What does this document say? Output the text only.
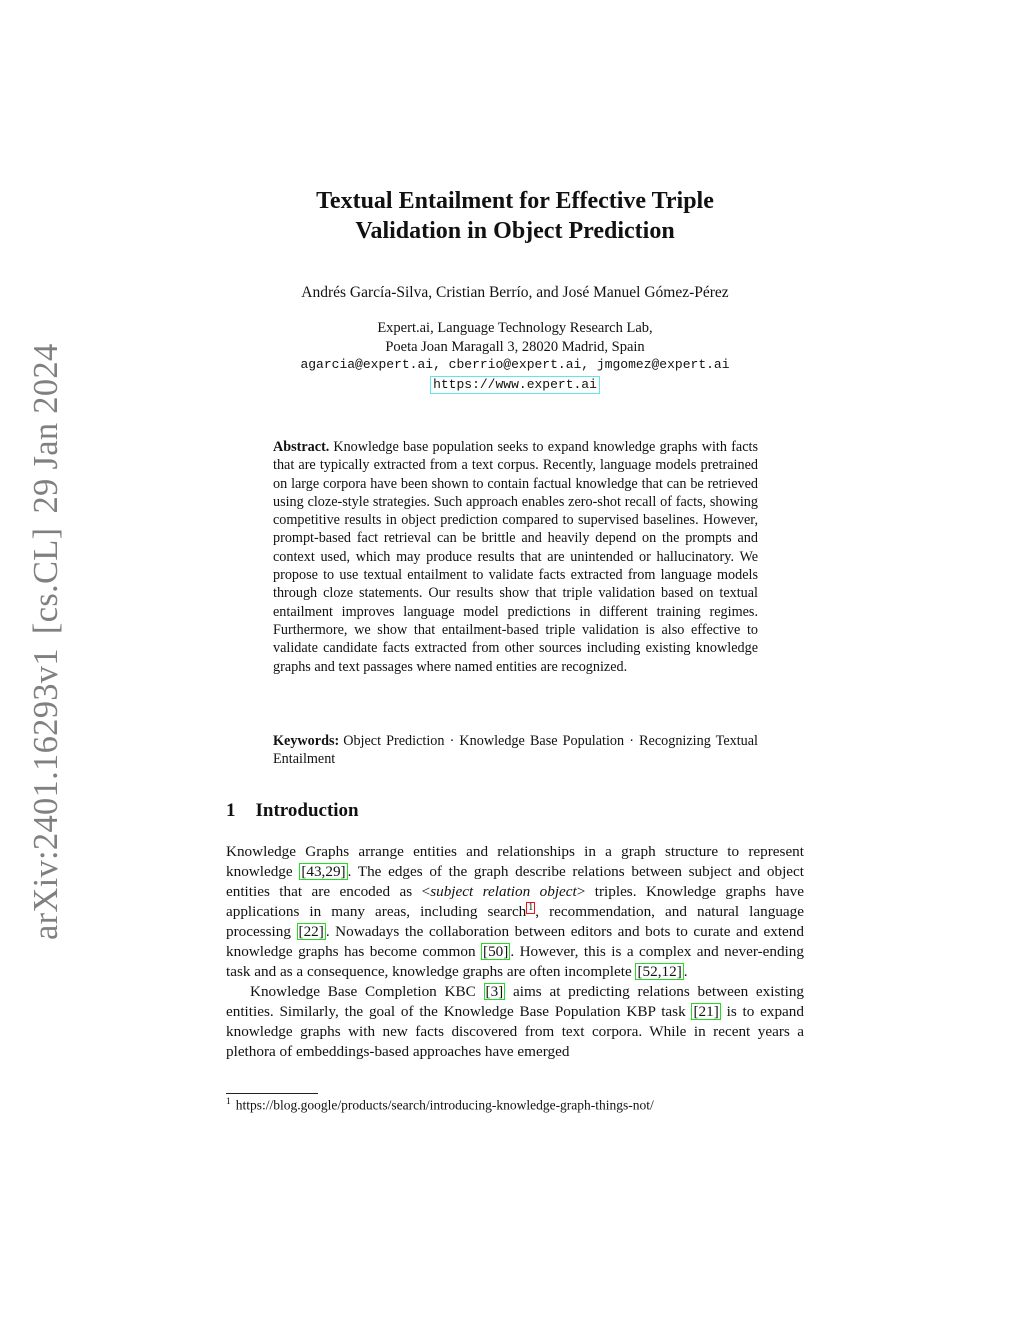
arXiv:2401.16293v1[cs.CL]29 Jan 2024
Textual Entailment for Effective Triple
Validation in Object Prediction
Andrés García-Silva, Cristian Berrío, and José Manuel Gómez-Pérez
Expert.ai, Language Technology Research Lab,
Poeta Joan Maragall 3, 28020 Madrid, Spain
agarcia@expert.ai, cberrio@expert.ai, jmgomez@expert.ai
https://www.expert.ai
Abstract. Knowledge base population seeks to expand knowledge graphs with facts that are typically extracted from a text corpus. Recently, language models pretrained on large corpora have been shown to contain factual knowledge that can be retrieved using cloze-style strategies. Such approach enables zero-shot recall of facts, showing competitive results in object prediction compared to supervised baselines. However, prompt-based fact retrieval can be brittle and heavily depend on the prompts and context used, which may produce results that are unintended or hallucinatory. We propose to use textual entailment to validate facts extracted from language models through cloze statements. Our results show that triple validation based on textual entailment improves language model predictions in different training regimes. Furthermore, we show that entailment-based triple validation is also effective to validate candidate facts extracted from other sources including existing knowledge graphs and text passages where named entities are recognized.
Keywords: Object Prediction · Knowledge Base Population · Recognizing Textual Entailment
1 Introduction

Knowledge Graphs arrange entities and relationships in a graph structure to represent knowledge [43,29] . The edges of the graph describe relations between subject and object entities that are encoded as <subject relation object> triples. Knowledge graphs have applications in many areas, including search 1 , recommendation, and natural language processing [22] . Nowadays the collaboration between editors and bots to curate and extend knowledge graphs has become common [50] . However, this is a complex and never-ending task and as a consequence, knowledge graphs are often incomplete [52,12] .

Knowledge Base Completion KBC [3] aims at predicting relations between existing entities. Similarly, the goal of the Knowledge Base Population KBP task [21] is to expand knowledge graphs with new facts discovered from text corpora. While in recent years a plethora of embeddings-based approaches have emerged

$^1$ https://blog.google/products/search/introducing-knowledge-graph-things-not/
